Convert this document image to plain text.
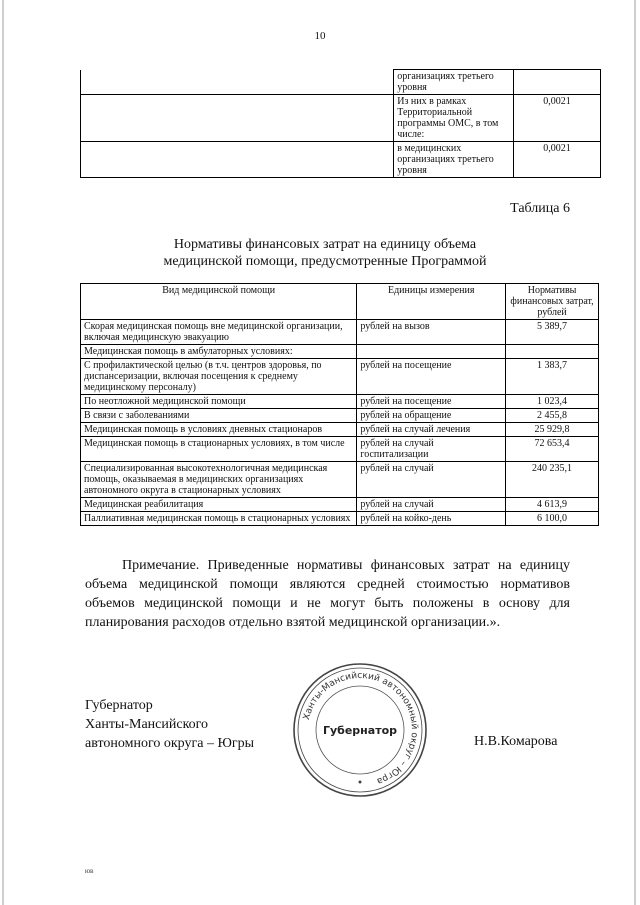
10
	организациях третьего уровня	
	Из них в рамках Территориальной программы ОМС, в том числе:	0,0021
	в медицинских организациях третьего уровня	0,0021
Таблица 6
Нормативы финансовых затрат на единицу объема
медицинской помощи, предусмотренные Программой
Вид медицинской помощи	Единицы измерения	Нормативы финансовых затрат, рублей
Скорая медицинская помощь вне медицинской организации, включая медицинскую эвакуацию	рублей на вызов	5 389,7
Медицинская помощь в амбулаторных условиях:		
С профилактической целью (в т.ч. центров здоровья, по диспансеризации, включая посещения к среднему медицинскому персоналу)	рублей на посещение	1 383,7
По неотложной медицинской помощи	рублей на посещение	1 023,4
В связи с заболеваниями	рублей на обращение	2 455,8
Медицинская помощь в условиях дневных стационаров	рублей на случай лечения	25 929,8
Медицинская помощь в стационарных условиях, в том числе	рублей на случай госпитализации	72 653,4
Специализированная высокотехнологичная медицинская помощь, оказываемая в медицинских организациях автономного округа в стационарных условиях	рублей на случай	240 235,1
Медицинская реабилитация	рублей на случай	4 613,9
Паллиативная медицинская помощь в стационарных условиях	рублей на койко-день	6 100,0
Примечание. Приведенные нормативы финансовых затрат на единицу объема медицинской помощи являются средней стоимостью нормативов объемов медицинской помощи и не могут быть положены в основу для планирования расходов отдельно взятой медицинской организации.».
Губернатор
Ханты-Мансийского
автономного округа – Югры
Ханты-Мансийский автономный округ – Югра
Губернатор
Н.В.Комарова
ЮВ
